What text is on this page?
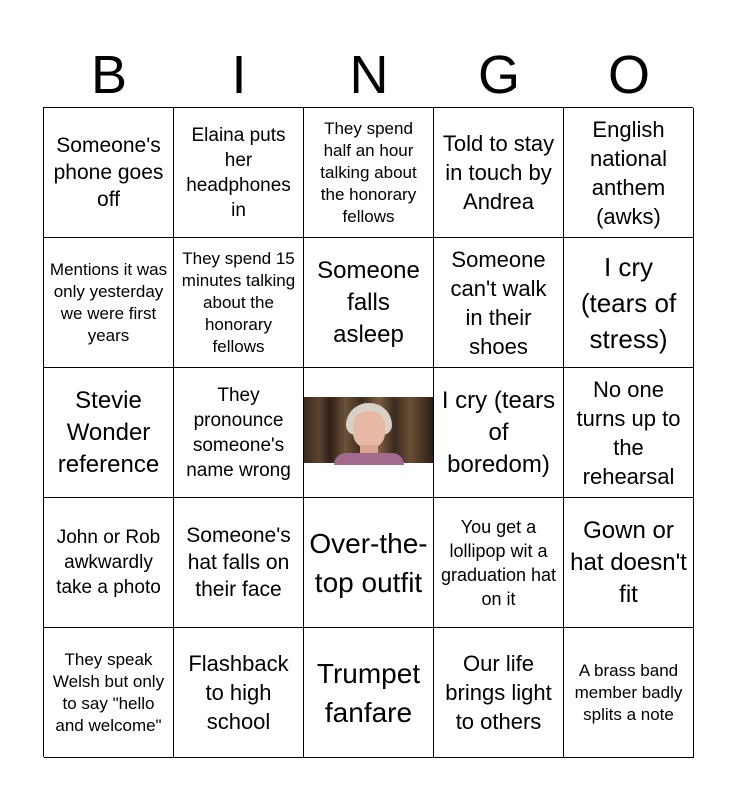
B	I	N	G	O
Someone's phone goes off
Elaina puts her headphones in
They spend half an hour talking about the honorary fellows
Told to stay in touch by Andrea
English national anthem (awks)
Mentions it was only yesterday we were first years
They spend 15 minutes talking about the honorary fellows
Someone falls asleep
Someone can't walk in their shoes
I cry (tears of stress)
Stevie Wonder reference
They pronounce someone's name wrong
I cry (tears of boredom)
No one turns up to the rehearsal
John or Rob awkwardly take a photo
Someone's hat falls on their face
Over-the-top outfit
You get a lollipop wit a graduation hat on it
Gown or hat doesn't fit
They speak Welsh but only to say "hello and welcome"
Flashback to high school
Trumpet fanfare
Our life brings light to others
A brass band member badly splits a note
